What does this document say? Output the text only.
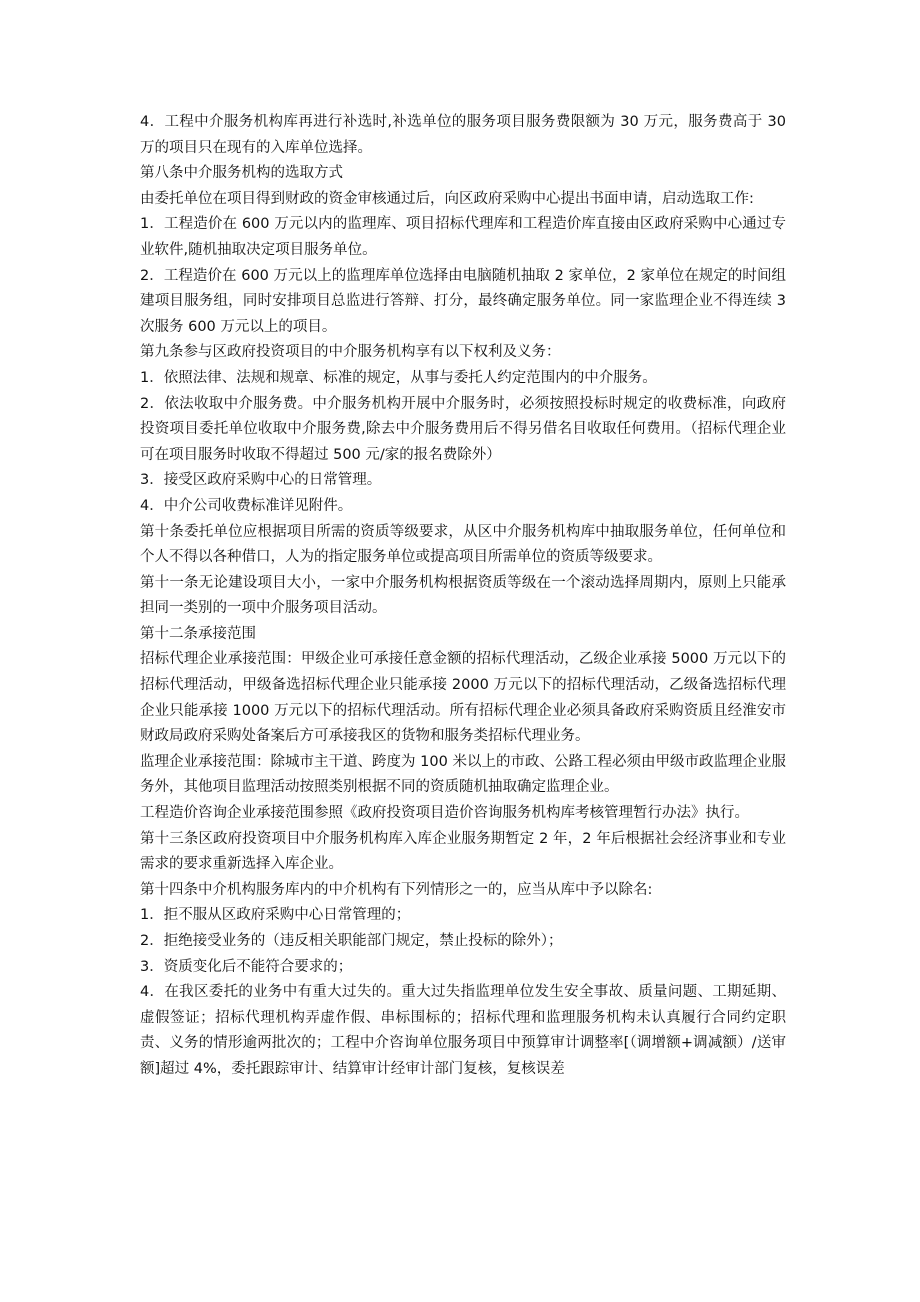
4．工程中介服务机构库再进行补选时,补选单位的服务项目服务费限额为 30 万元，服务费高于 30 万的项目只在现有的入库单位选择。

第八条中介服务机构的选取方式

由委托单位在项目得到财政的资金审核通过后，向区政府采购中心提出书面申请，启动选取工作:

1．工程造价在 600 万元以内的监理库、项目招标代理库和工程造价库直接由区政府采购中心通过专业软件,随机抽取决定项目服务单位。

2．工程造价在 600 万元以上的监理库单位选择由电脑随机抽取 2 家单位，2 家单位在规定的时间组建项目服务组，同时安排项目总监进行答辩、打分，最终确定服务单位。同一家监理企业不得连续 3 次服务 600 万元以上的项目。

第九条参与区政府投资项目的中介服务机构享有以下权利及义务：

1．依照法律、法规和规章、标准的规定，从事与委托人约定范围内的中介服务。

2．依法收取中介服务费。中介服务机构开展中介服务时，必须按照投标时规定的收费标准，向政府投资项目委托单位收取中介服务费,除去中介服务费用后不得另借名目收取任何费用。（招标代理企业可在项目服务时收取不得超过 500 元/家的报名费除外）

3．接受区政府采购中心的日常管理。

4．中介公司收费标准详见附件。

第十条委托单位应根据项目所需的资质等级要求，从区中介服务机构库中抽取服务单位，任何单位和个人不得以各种借口，人为的指定服务单位或提高项目所需单位的资质等级要求。

第十一条无论建设项目大小，一家中介服务机构根据资质等级在一个滚动选择周期内，原则上只能承担同一类别的一项中介服务项目活动。

第十二条承接范围

招标代理企业承接范围：甲级企业可承接任意金额的招标代理活动，乙级企业承接 5000 万元以下的招标代理活动，甲级备选招标代理企业只能承接 2000 万元以下的招标代理活动，乙级备选招标代理企业只能承接 1000 万元以下的招标代理活动。所有招标代理企业必须具备政府采购资质且经淮安市财政局政府采购处备案后方可承接我区的货物和服务类招标代理业务。

监理企业承接范围：除城市主干道、跨度为 100 米以上的市政、公路工程必须由甲级市政监理企业服务外，其他项目监理活动按照类别根据不同的资质随机抽取确定监理企业。

工程造价咨询企业承接范围参照《政府投资项目造价咨询服务机构库考核管理暂行办法》执行。

第十三条区政府投资项目中介服务机构库入库企业服务期暂定 2 年，2 年后根据社会经济事业和专业需求的要求重新选择入库企业。

第十四条中介机构服务库内的中介机构有下列情形之一的，应当从库中予以除名:

1．拒不服从区政府采购中心日常管理的；

2．拒绝接受业务的（违反相关职能部门规定，禁止投标的除外）；

3．资质变化后不能符合要求的；

4．在我区委托的业务中有重大过失的。重大过失指监理单位发生安全事故、质量问题、工期延期、虚假签证；招标代理机构弄虚作假、串标围标的；招标代理和监理服务机构未认真履行合同约定职责、义务的情形逾两批次的；工程中介咨询单位服务项目中预算审计调整率[（调增额+调减额）/送审额]超过 4%，委托跟踪审计、结算审计经审计部门复核，复核误差
